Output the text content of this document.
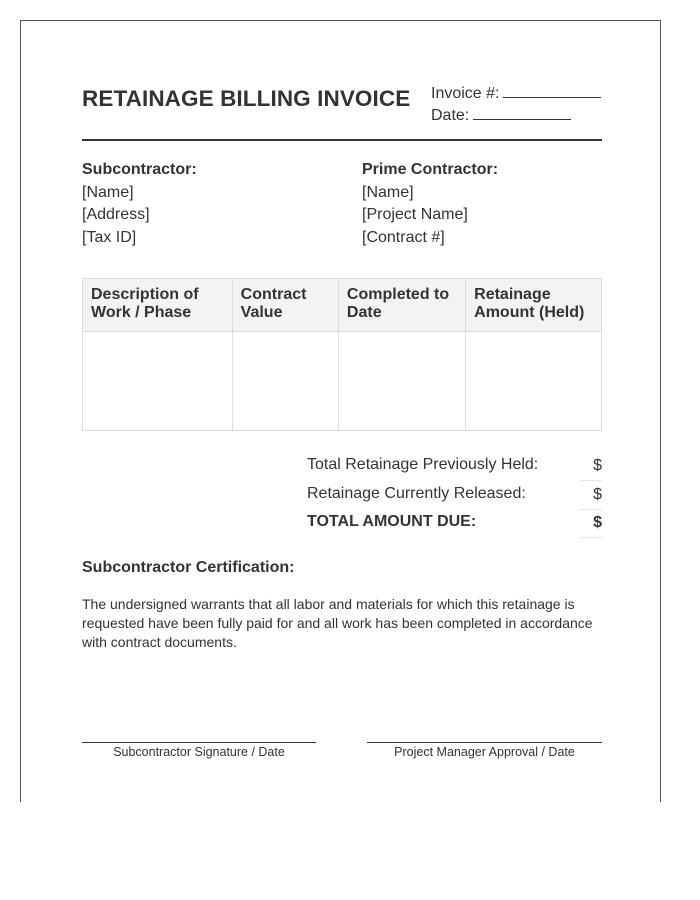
RETAINAGE BILLING INVOICE Invoice #:
Date:
Subcontractor:
[Name]
[Address]
[Tax ID]
Prime Contractor:
[Name]
[Project Name]
[Contract #]
Description of Work / Phase	Contract Value	Completed to Date	Retainage Amount (Held)

Total Retainage Previously Held:	$
Retainage Currently Released:	$
TOTAL AMOUNT DUE:	$
Subcontractor Certification:
The undersigned warrants that all labor and materials for which this retainage is requested have been fully paid for and all work has been completed in accordance with contract documents.
Subcontractor Signature / Date	Project Manager Approval / Date
